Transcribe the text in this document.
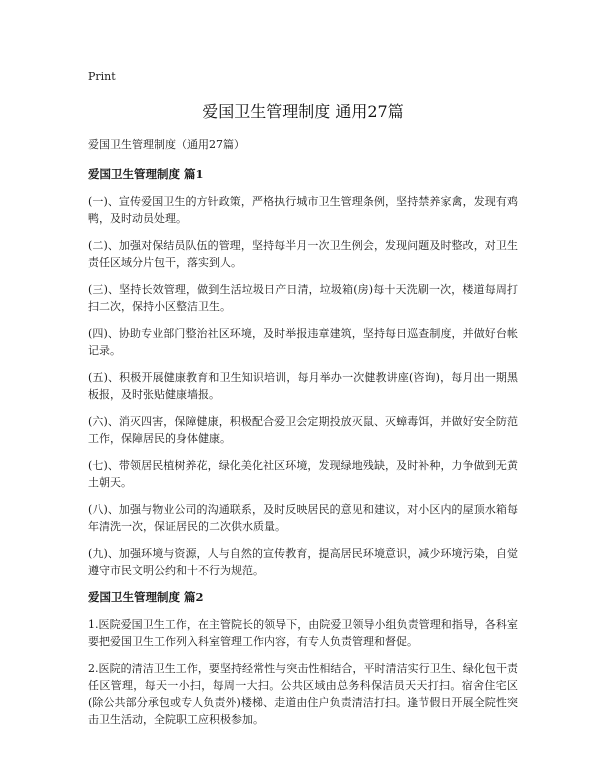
Print
爱国卫生管理制度 通用27篇

爱国卫生管理制度（通用27篇）

爱国卫生管理制度 篇1

(一)、宣传爱国卫生的方针政策，严格执行城市卫生管理条例，坚持禁养家禽，发现有鸡鸭，及时动员处理。

(二)、加强对保结员队伍的管理，坚持每半月一次卫生例会，发现问题及时整改，对卫生责任区域分片包干，落实到人。

(三)、坚持长效管理，做到生活垃圾日产日清，垃圾箱(房)每十天洗刷一次，楼道每周打扫二次，保持小区整洁卫生。

(四)、协助专业部门整治社区环境，及时举报违章建筑，坚持每日巡查制度，并做好台帐记录。

(五)、积极开展健康教育和卫生知识培训，每月举办一次健教讲座(咨询)，每月出一期黑板报，及时张贴健康墙报。

(六)、消灭四害，保障健康，积极配合爱卫会定期投放灭鼠、灭蟑毒饵，并做好安全防范工作，保障居民的身体健康。

(七)、带领居民植树养花，绿化美化社区环境，发现绿地残缺，及时补种，力争做到无黄土朝天。

(八)、加强与物业公司的沟通联系，及时反映居民的意见和建议，对小区内的屋顶水箱每年清洗一次，保证居民的二次供水质量。

(九)、加强环境与资源，人与自然的宣传教育，提高居民环境意识，减少环境污染，自觉遵守市民文明公约和十不行为规范。

爱国卫生管理制度 篇2

1.医院爱国卫生工作，在主管院长的领导下，由院爱卫领导小组负责管理和指导，各科室要把爱国卫生工作列入科室管理工作内容，有专人负责管理和督促。

2.医院的清洁卫生工作，要坚持经常性与突击性相结合，平时清洁实行卫生、绿化包干责任区管理，每天一小扫，每周一大扫。公共区域由总务科保洁员天天打扫。宿舍住宅区(除公共部分承包或专人负责外)楼梯、走道由住户负责清洁打扫。逢节假日开展全院性突击卫生活动，全院职工应积极参加。
